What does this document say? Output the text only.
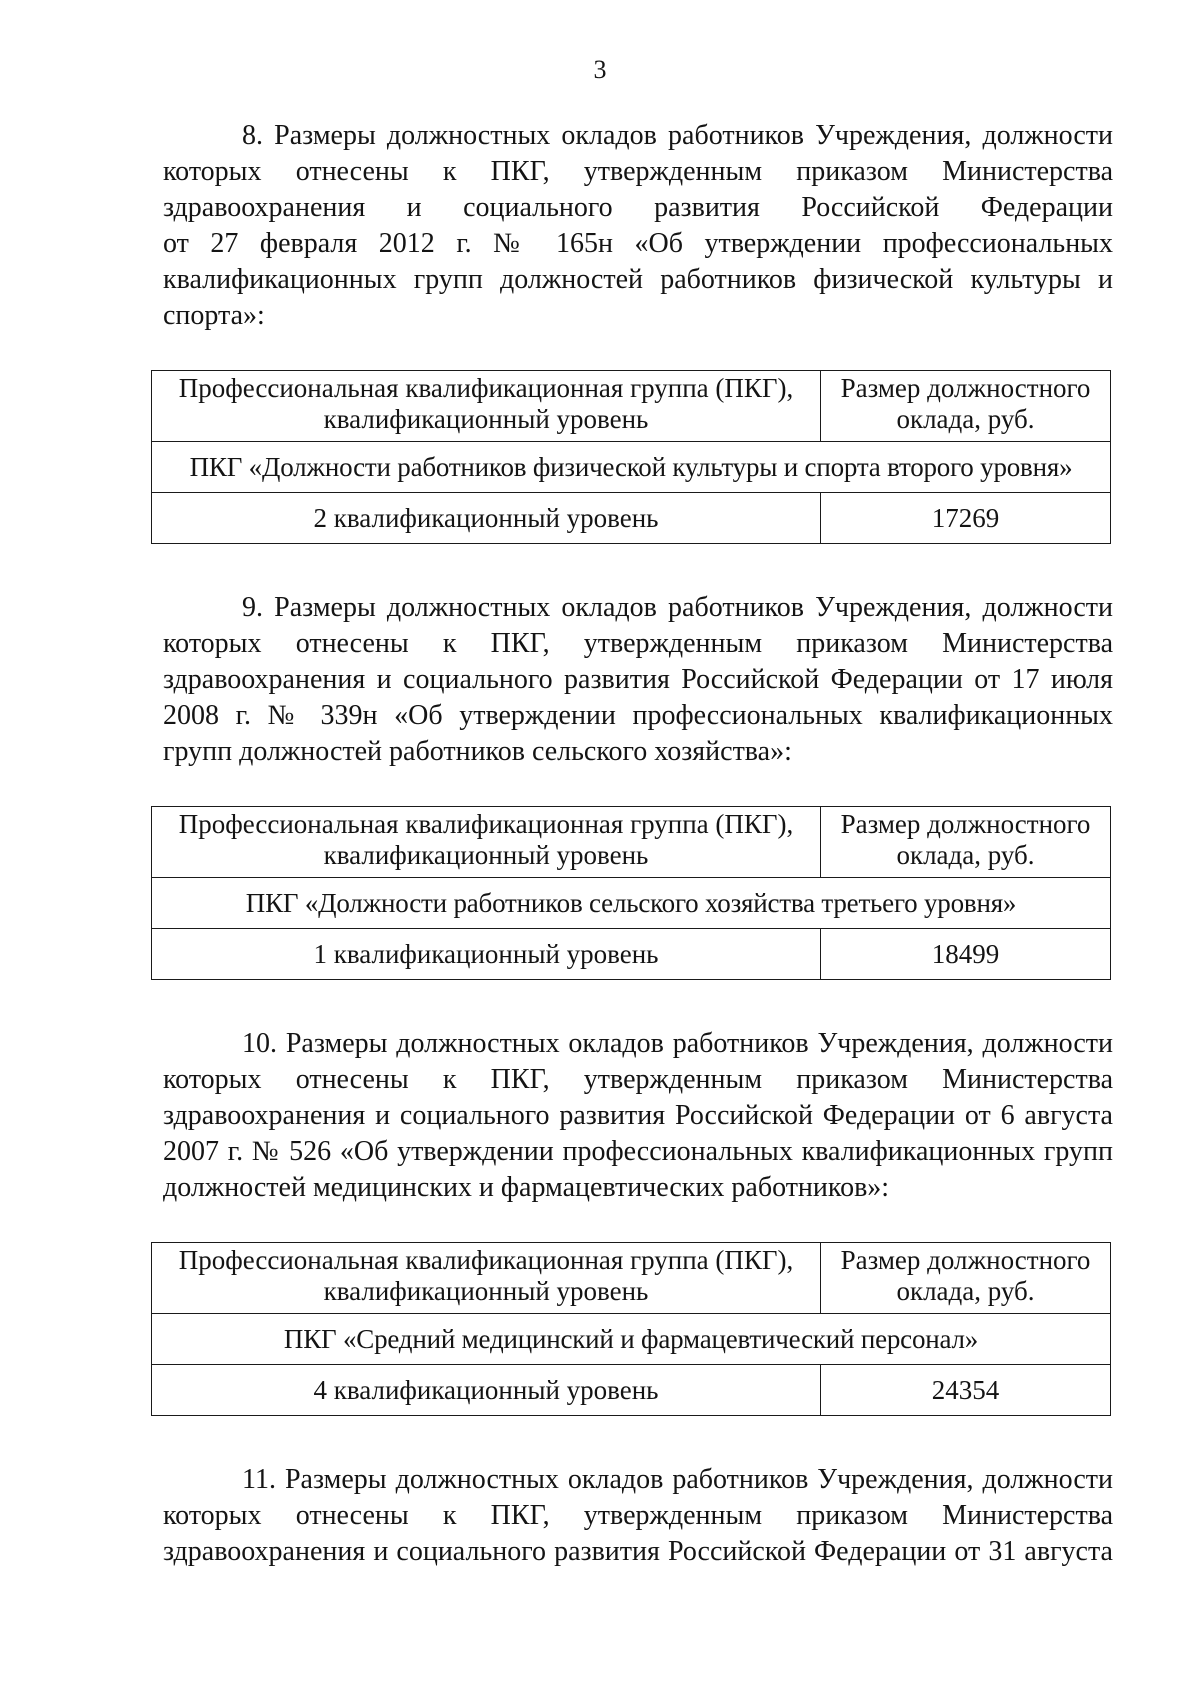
3

8. Размеры должностных окладов работников Учреждения, должности
которых отнесены к ПКГ, утвержденным приказом Министерства
здравоохранения и социального развития Российской Федерации
от 27 февраля 2012 г. № 165н «Об утверждении профессиональных
квалификационных групп должностей работников физической культуры и
спорта»:

Профессиональная квалификационная группа (ПКГ), квалификационный уровень	Размер должностного оклада, руб.
ПКГ «Должности работников физической культуры и спорта второго уровня»	
2 квалификационный уровень	17269

9. Размеры должностных окладов работников Учреждения, должности
которых отнесены к ПКГ, утвержденным приказом Министерства
здравоохранения и социального развития Российской Федерации от 17 июля
2008 г. № 339н «Об утверждении профессиональных квалификационных
групп должностей работников сельского хозяйства»:

Профессиональная квалификационная группа (ПКГ), квалификационный уровень	Размер должностного оклада, руб.
ПКГ «Должности работников сельского хозяйства третьего уровня»	
1 квалификационный уровень	18499

10. Размеры должностных окладов работников Учреждения, должности
которых отнесены к ПКГ, утвержденным приказом Министерства
здравоохранения и социального развития Российской Федерации от 6 августа
2007 г. № 526 «Об утверждении профессиональных квалификационных групп
должностей медицинских и фармацевтических работников»:

Профессиональная квалификационная группа (ПКГ), квалификационный уровень	Размер должностного оклада, руб.
ПКГ «Средний медицинский и фармацевтический персонал»	
4 квалификационный уровень	24354

11. Размеры должностных окладов работников Учреждения, должности
которых отнесены к ПКГ, утвержденным приказом Министерства
здравоохранения и социального развития Российской Федерации от 31 августа
